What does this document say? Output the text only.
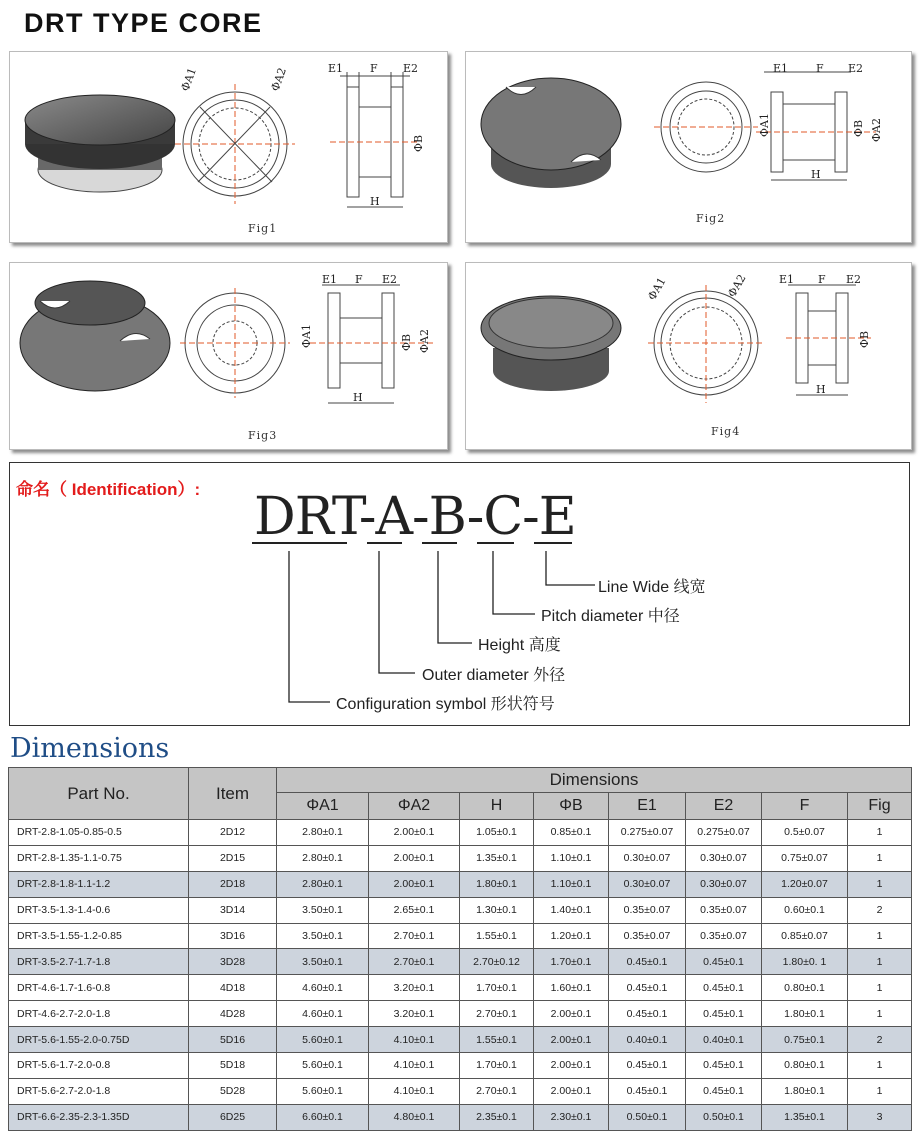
DRT TYPE CORE
ΦA1	ΦA2	E1 F E2
ΦB
H
Fig1
E1	F E2
ΦA1	ΦB ΦA2
H
Fig2
E1 F E2
ΦA1	ΦB ΦA2
H
Fig3
ΦA1	ΦA2	E1 F E2
ΦB
H
Fig4
命名（ Identification）: DRT-A-B-C-E
Line Wide 线宽
Pitch diameter 中径
Height 高度
Outer diameter 外径
Configuration symbol 形状符号
Dimensions
Part No.	Item	Dimensions							
		ΦA1	ΦA2	H	ΦB	E1	E2	F	Fig
DRT-2.8-1.05-0.85-0.5	2D12	2.80±0.1	2.00±0.1	1.05±0.1	0.85±0.1	0.275±0.07	0.275±0.07	0.5±0.07	1
DRT-2.8-1.35-1.1-0.75	2D15	2.80±0.1	2.00±0.1	1.35±0.1	1.10±0.1	0.30±0.07	0.30±0.07	0.75±0.07	1
DRT-2.8-1.8-1.1-1.2	2D18	2.80±0.1	2.00±0.1	1.80±0.1	1.10±0.1	0.30±0.07	0.30±0.07	1.20±0.07	1
DRT-3.5-1.3-1.4-0.6	3D14	3.50±0.1	2.65±0.1	1.30±0.1	1.40±0.1	0.35±0.07	0.35±0.07	0.60±0.1	2
DRT-3.5-1.55-1.2-0.85	3D16	3.50±0.1	2.70±0.1	1.55±0.1	1.20±0.1	0.35±0.07	0.35±0.07	0.85±0.07	1
DRT-3.5-2.7-1.7-1.8	3D28	3.50±0.1	2.70±0.1	2.70±0.12	1.70±0.1	0.45±0.1	0.45±0.1	1.80±0. 1	1
DRT-4.6-1.7-1.6-0.8	4D18	4.60±0.1	3.20±0.1	1.70±0.1	1.60±0.1	0.45±0.1	0.45±0.1	0.80±0.1	1
DRT-4.6-2.7-2.0-1.8	4D28	4.60±0.1	3.20±0.1	2.70±0.1	2.00±0.1	0.45±0.1	0.45±0.1	1.80±0.1	1
DRT-5.6-1.55-2.0-0.75D	5D16	5.60±0.1	4.10±0.1	1.55±0.1	2.00±0.1	0.40±0.1	0.40±0.1	0.75±0.1	2
DRT-5.6-1.7-2.0-0.8	5D18	5.60±0.1	4.10±0.1	1.70±0.1	2.00±0.1	0.45±0.1	0.45±0.1	0.80±0.1	1
DRT-5.6-2.7-2.0-1.8	5D28	5.60±0.1	4.10±0.1	2.70±0.1	2.00±0.1	0.45±0.1	0.45±0.1	1.80±0.1	1
DRT-6.6-2.35-2.3-1.35D	6D25	6.60±0.1	4.80±0.1	2.35±0.1	2.30±0.1	0.50±0.1	0.50±0.1	1.35±0.1	3
